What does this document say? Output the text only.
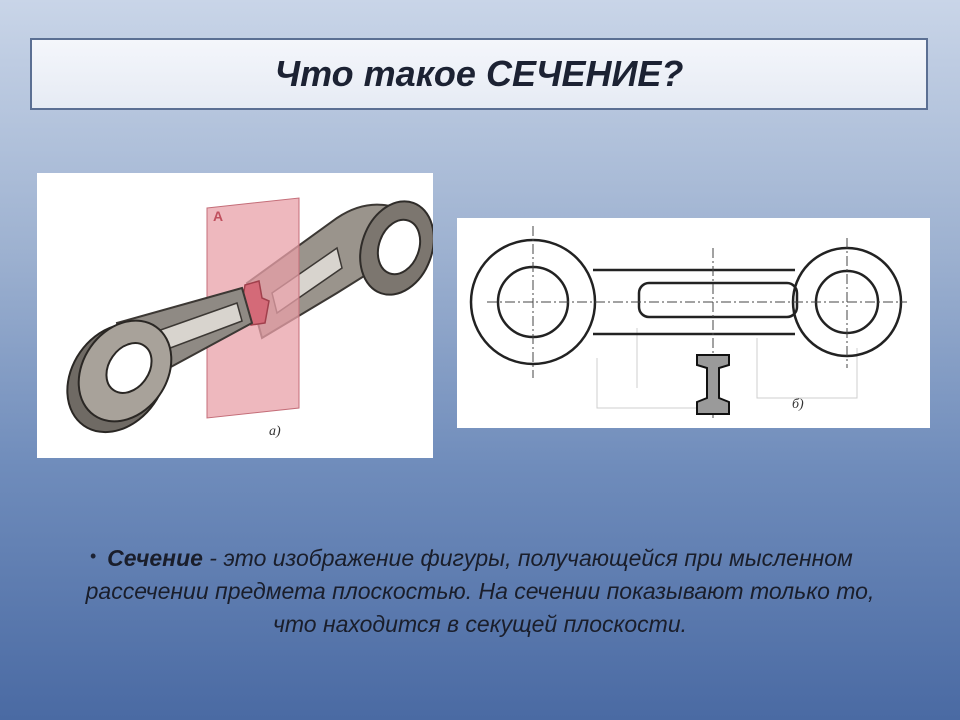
Что такое СЕЧЕНИЕ?
А
а)
б)
• Сечение - это изображение фигуры, получающейся при мысленном рассечении предмета плоскостью. На сечении показывают только то, что находится в секущей плоскости.
